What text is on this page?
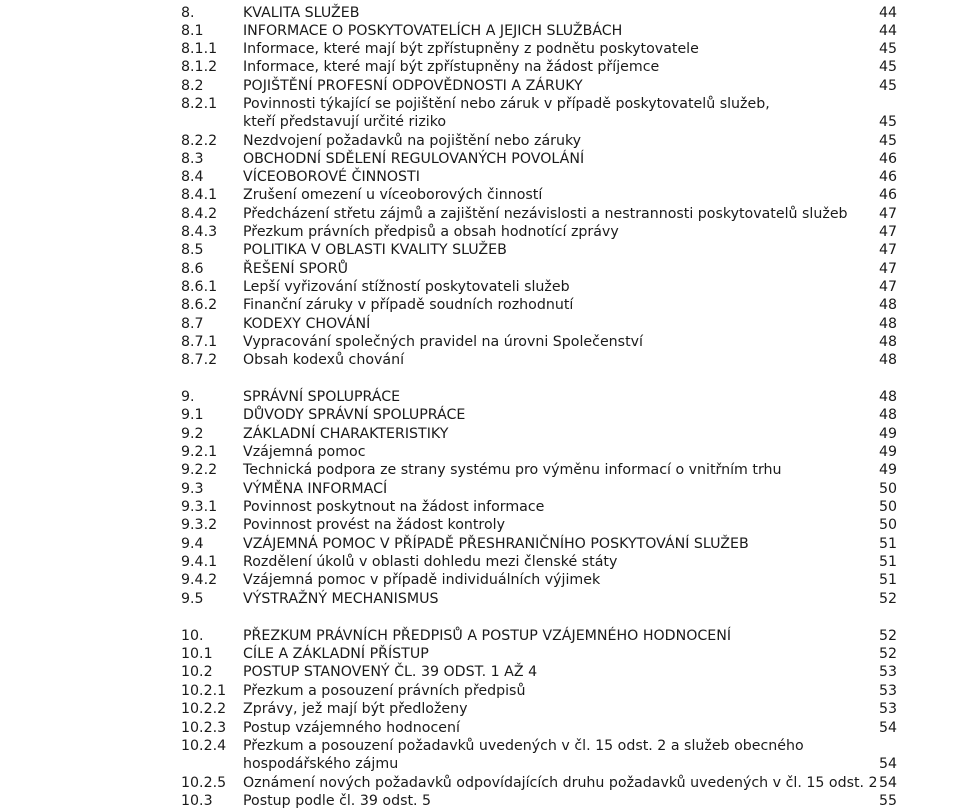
8.	KVALITA SLUŽEB	44
8.1	INFORMACE O POSKYTOVATELÍCH A JEJICH SLUŽBÁCH	44
8.1.1 Informace, které mají být zpřístupněny z podnětu poskytovatele	45
8.1.2 Informace, které mají být zpřístupněny na žádost příjemce	45
8.2	POJIŠTĚNÍ PROFESNÍ ODPOVĚDNOSTI A ZÁRUKY	45
8.2.1 Povinnosti týkající se pojištění nebo záruk v případě poskytovatelů služeb,
kteří představují určité riziko	45
8.2.2 Nezdvojení požadavků na pojištění nebo záruky	45
8.3	OBCHODNÍ SDĚLENÍ REGULOVANÝCH POVOLÁNÍ	46
8.4	VÍCEOBOROVÉ ČINNOSTI	46
8.4.1 Zrušení omezení u víceoborových činností	46
8.4.2 Předcházení střetu zájmů a zajištění nezávislosti a nestrannosti poskytovatelů služeb 47
8.4.3 Přezkum právních předpisů a obsah hodnotící zprávy	47
8.5	POLITIKA V OBLASTI KVALITY SLUŽEB	47
8.6	ŘEŠENÍ SPORŮ	47
8.6.1 Lepší vyřizování stížností poskytovateli služeb	47
8.6.2 Finanční záruky v případě soudních rozhodnutí	48
8.7	KODEXY CHOVÁNÍ	48
8.7.1 Vypracování společných pravidel na úrovni Společenství	48
8.7.2 Obsah kodexů chování	48
9.	SPRÁVNÍ SPOLUPRÁCE	48
9.1	DŮVODY SPRÁVNÍ SPOLUPRÁCE	48
9.2	ZÁKLADNÍ CHARAKTERISTIKY	49
9.2.1 Vzájemná pomoc	49
9.2.2 Technická podpora ze strany systému pro výměnu informací o vnitřním trhu	49
9.3	VÝMĚNA INFORMACÍ	50
9.3.1 Povinnost poskytnout na žádost informace	50
9.3.2 Povinnost provést na žádost kontroly	50
9.4	VZÁJEMNÁ POMOC V PŘÍPADĚ PŘESHRANIČNÍHO POSKYTOVÁNÍ SLUŽEB	51
9.4.1 Rozdělení úkolů v oblasti dohledu mezi členské státy	51
9.4.2 Vzájemná pomoc v případě individuálních výjimek	51
9.5	VÝSTRAŽNÝ MECHANISMUS	52
10.	PŘEZKUM PRÁVNÍCH PŘEDPISŮ A POSTUP VZÁJEMNÉHO HODNOCENÍ	52
10.1 CÍLE A ZÁKLADNÍ PŘÍSTUP	52
10.2 POSTUP STANOVENÝ ČL. 39 ODST. 1 AŽ 4	53
10.2.1 Přezkum a posouzení právních předpisů	53
10.2.2 Zprávy, jež mají být předloženy	53
10.2.3 Postup vzájemného hodnocení	54
10.2.4 Přezkum a posouzení požadavků uvedených v čl. 15 odst. 2 a služeb obecného
hospodářského zájmu	54
10.2.5 Oznámení nových požadavků odpovídajících druhu požadavků uvedených v čl. 15 odst. 2 54
10.3 Postup podle čl. 39 odst. 5	55
